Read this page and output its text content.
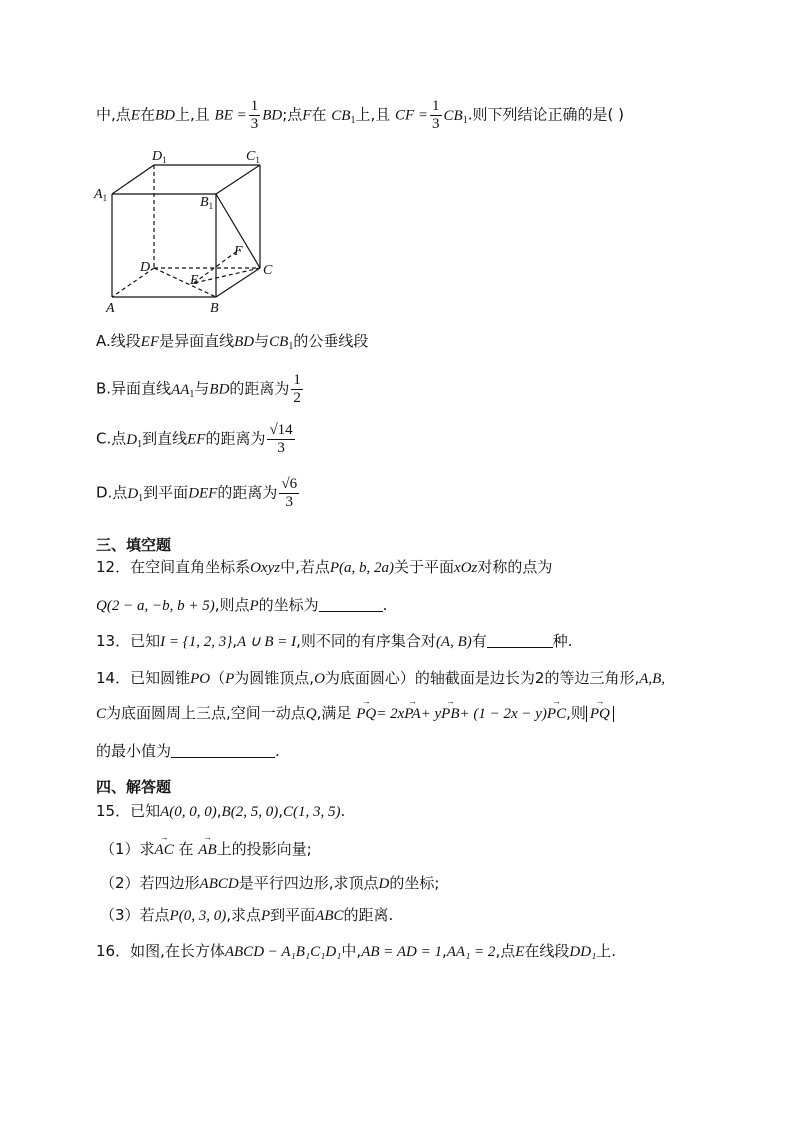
中,点E在BD上,且 BE = $\frac{1}{3}$ BD;点F在 $CB_1$上,且 CF = $\frac{1}{3} CB_1$.则下列结论正确的是( )
$D_1$	$C_1$
$A_1$	$B_1$
D	C
F
E
A	B
A.线段EF是异面直线BD与$CB_1$的公垂线段
B.异面直线$AA_1$与BD的距离为 $\frac{1}{2}$
C.点$D_1$到直线EF的距离为 $\frac{√14}{3}$
D.点$D_1$到平面DEF的距离为 $\frac{√6}{3}$
三、填空题
12．在空间直角坐标系Oxyz中,若点P(a, b, 2a)关于平面xOz对称的点为
Q(2 − a, −b, b + 5),则点P的坐标为	.
13．已知I = {1, 2, 3},A ∪ B = I,则不同的有序集合对(A, B)有	种.
14．已知圆锥PO（P为圆锥顶点,O为底面圆心）的轴截面是边长为2的等边三角形,A,B,
C为底面圆周上三点,空间一动点Q,满足 → PQ= 2x→ PA+ y→ PB+ (1 − 2x − y)→ PC,则 → PQ
的最小值为	.
四、解答题
15．已知A(0, 0, 0),B(2, 5, 0),C(1, 3, 5).
（1）求→ AC 在 → AB上的投影向量;
（2）若四边形ABCD是平行四边形,求顶点D的坐标;
（3）若点P(0, 3, 0),求点P到平面ABC的距离.
16．如图,在长方体ABCD − A₁B₁C₁D₁中,AB = AD = 1,AA₁ = 2,点E在线段DD₁上.
